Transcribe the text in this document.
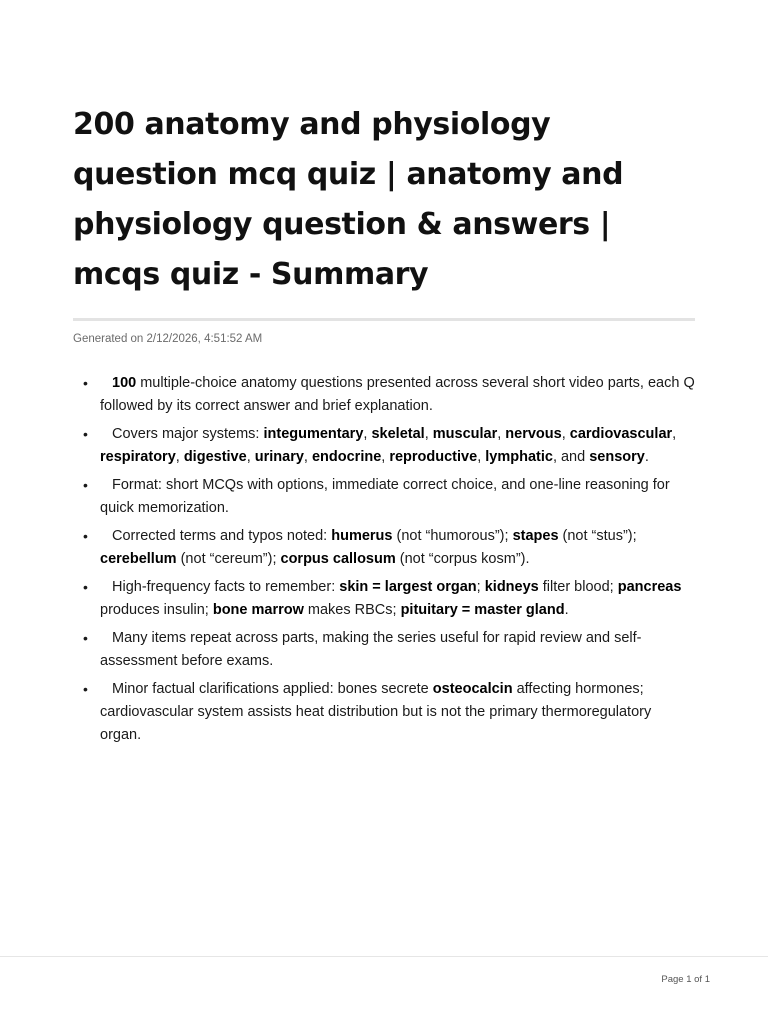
200 anatomy and physiology question mcq quiz | anatomy and physiology question & answers | mcqs quiz - Summary
Generated on 2/12/2026, 4:51:52 AM
• 100 multiple-choice anatomy questions presented across several short video parts, each Q followed by its correct answer and brief explanation.
• Covers major systems: integumentary, skeletal, muscular, nervous, cardiovascular, respiratory, digestive, urinary, endocrine, reproductive, lymphatic, and sensory.
• Format: short MCQs with options, immediate correct choice, and one-line reasoning for quick memorization.
• Corrected terms and typos noted: humerus (not “humorous”); stapes (not “stus”); cerebellum (not “cereum”); corpus callosum (not “corpus kosm”).
• High-frequency facts to remember: skin = largest organ; kidneys filter blood; pancreas produces insulin; bone marrow makes RBCs; pituitary = master gland.
• Many items repeat across parts, making the series useful for rapid review and self-assessment before exams.
• Minor factual clarifications applied: bones secrete osteocalcin affecting hormones; cardiovascular system assists heat distribution but is not the primary thermoregulatory organ.
Page 1 of 1
